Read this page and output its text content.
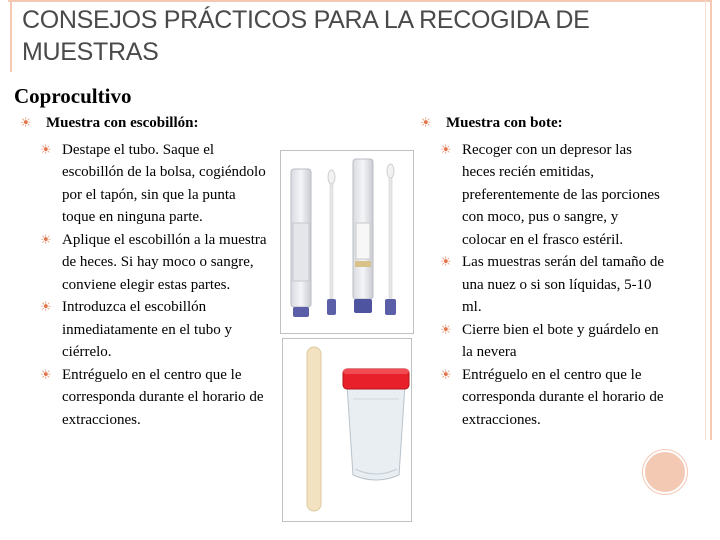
CONSEJOS PRÁCTICOS PARA LA RECOGIDA DE MUESTRAS
Coprocultivo
☀ Muestra con escobillón:
☀ Destape el tubo. Saque el escobillón de la bolsa, cogiéndolo por el tapón, sin que la punta toque en ninguna parte.
☀ Aplique el escobillón a la muestra de heces. Si hay moco o sangre, conviene elegir estas partes.
☀ Introduzca el escobillón inmediatamente en el tubo y ciérrelo.
☀ Entréguelo en el centro que le corresponda durante el horario de extracciones.
☀ Muestra con bote:
☀ Recoger con un depresor las heces recién emitidas, preferentemente de las porciones con moco, pus o sangre, y colocar en el frasco estéril.
☀ Las muestras serán del tamaño de una nuez o si son líquidas, 5-10 ml.
☀ Cierre bien el bote y guárdelo en la nevera
☀ Entréguelo en el centro que le corresponda durante el horario de extracciones.
